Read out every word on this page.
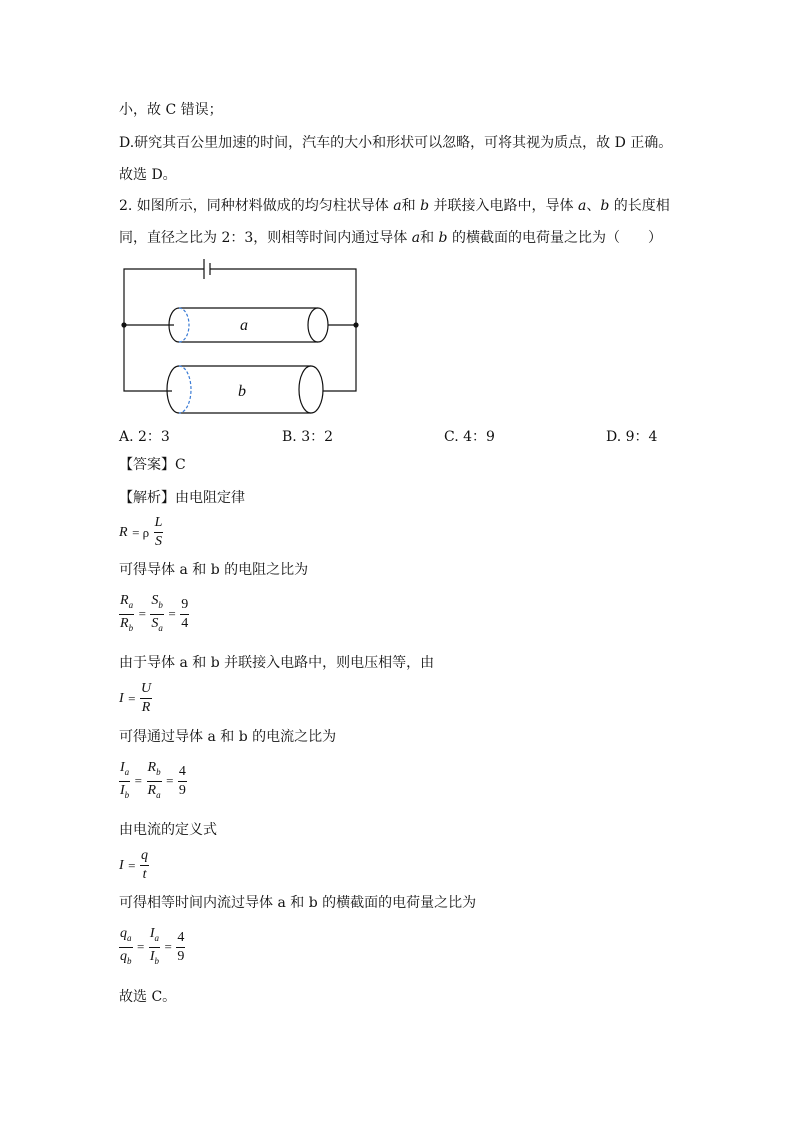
小，故 C 错误；
D.研究其百公里加速的时间，汽车的大小和形状可以忽略，可将其视为质点，故 D 正确。
故选 D。
2. 如图所示，同种材料做成的均匀柱状导体 a和 b 并联接入电路中，导体 a、b 的长度相
同，直径之比为 2：3，则相等时间内通过导体 a和 b 的横截面的电荷量之比为（　　）
a
b
A. 2：3	B. 3：2	C. 4：9	D. 9：4
【答案】C
【解析】由电阻定律
R = ρ $\frac{L}{S}$
可得导体 a 和 b 的电阻之比为
$\frac{R_a}{R_b} = \frac{S_b}{S_a} = \frac{9}{4}$
由于导体 a 和 b 并联接入电路中，则电压相等，由
$I = \frac{U}{R}$
可得通过导体 a 和 b 的电流之比为
$\frac{I_a}{I_b} = \frac{R_b}{R_a} = \frac{4}{9}$
由电流的定义式
$I = \frac{q}{t}$
可得相等时间内流过导体 a 和 b 的横截面的电荷量之比为
$\frac{q_a}{q_b} = \frac{I_a}{I_b} = \frac{4}{9}$
故选 C。
